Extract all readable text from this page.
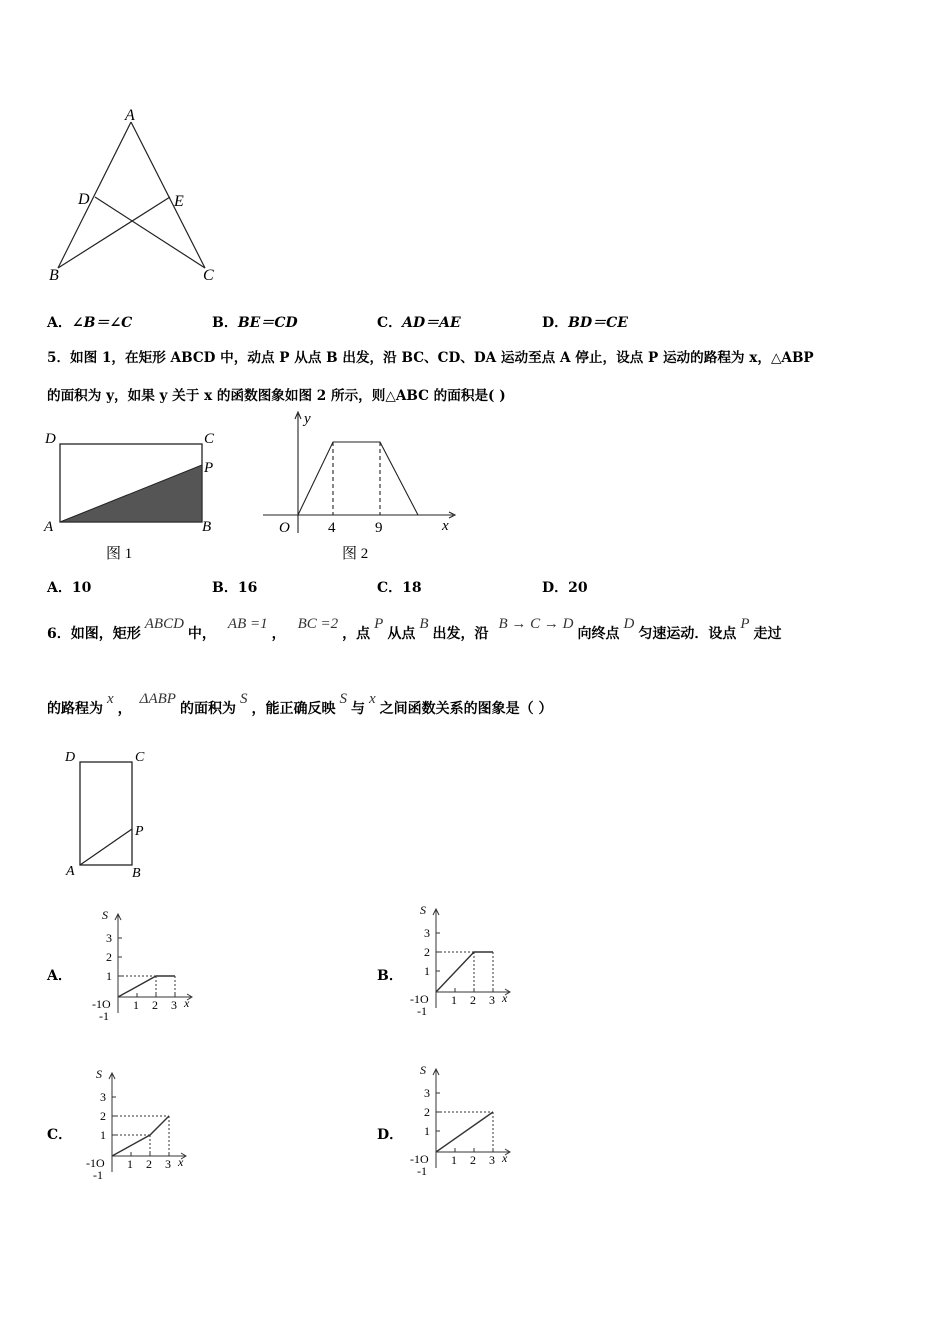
A
D	E
B	C
A．∠B＝∠C	B．BE＝CD	C．AD＝AE	D．BD＝CE
5．如图 1，在矩形 ABCD 中，动点 P 从点 B 出发，沿 BC、CD、DA 运动至点 A 停止，设点 P 运动的路程为 x，△ABP
的面积为 y，如果 y 关于 x 的函数图象如图 2 所示，则△ABC 的面积是( )
D	C
P
A	B
图 1
y
O	4	9	x
图 2
A．10	B．16	C．18	D．20
6．如图，矩形ABCD中，AB =1，BC =2，点P从点B出发，沿B → C → D向终点D匀速运动．设点P走过
的路程为x，ΔABP的面积为S，能正确反映S与x之间函数关系的图象是（ ）
D	C
P
A	B
A．	B．
C．	D．
S
3
2
1
-1O
-1
1 2 3 x
S
3
2
1
-1O
-1
1 2 3 x
S
3
2
1
-1O
-1
1 2 3 x
S
3
2
1
-1O
-1
1 2 3 x
